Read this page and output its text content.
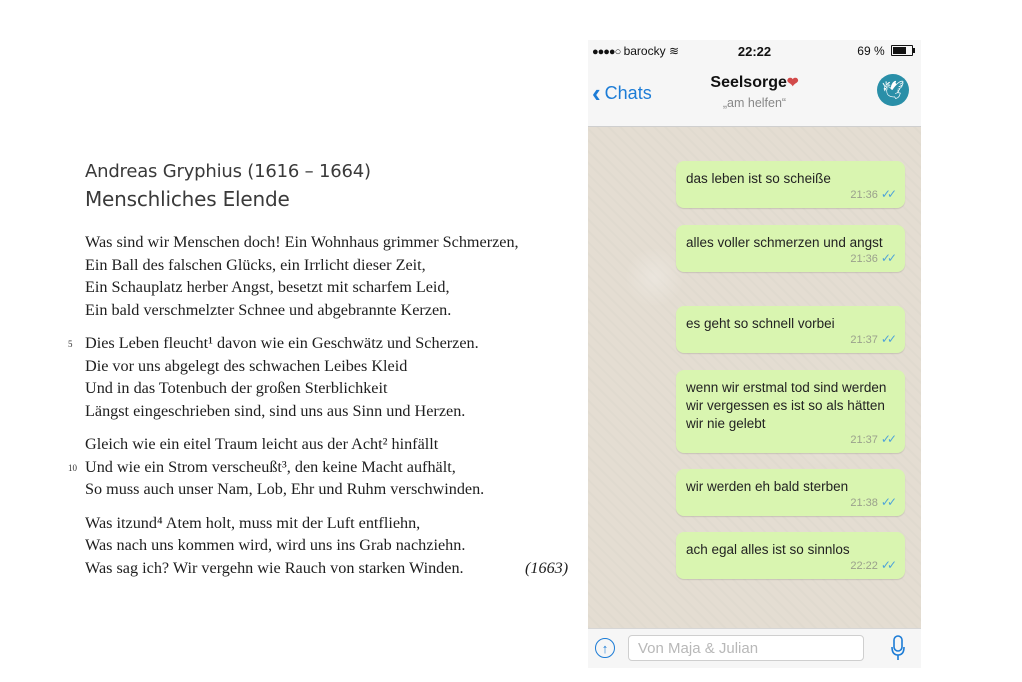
Andreas Gryphius (1616 – 1664)

Menschliches Elende

Was sind wir Menschen doch! Ein Wohnhaus grimmer Schmerzen,
Ein Ball des falschen Glücks, ein Irrlicht dieser Zeit,
Ein Schauplatz herber Angst, besetzt mit scharfem Leid,
Ein bald verschmelzter Schnee und abgebrannte Kerzen.
5 Dies Leben fleucht¹ davon wie ein Geschwätz und Scherzen.
Die vor uns abgelegt des schwachen Leibes Kleid
Und in das Totenbuch der großen Sterblichkeit
Längst eingeschrieben sind, sind uns aus Sinn und Herzen.
Gleich wie ein eitel Traum leicht aus der Acht² hinfällt
10 Und wie ein Strom verscheußt³, den keine Macht aufhält,
So muss auch unser Nam, Lob, Ehr und Ruhm verschwinden.
Was itzund⁴ Atem holt, muss mit der Luft entfliehn,
Was nach uns kommen wird, wird uns ins Grab nachziehn.
Was sag ich? Wir vergehn wie Rauch von starken Winden.	(1663)
●●●●○ barocky ≋	22:22	69 %
‹ Chats
Seelsorge❤
„am helfen“
🕊
das leben ist so scheiße
21:36 ✓✓
alles voller schmerzen und angst
21:36 ✓✓
es geht so schnell vorbei
21:37 ✓✓
wenn wir erstmal tod sind werden wir vergessen es ist so als hätten wir nie gelebt
21:37 ✓✓
wir werden eh bald sterben
21:38 ✓✓
ach egal alles ist so sinnlos
22:22 ✓✓
↑
Von Maja & Julian
